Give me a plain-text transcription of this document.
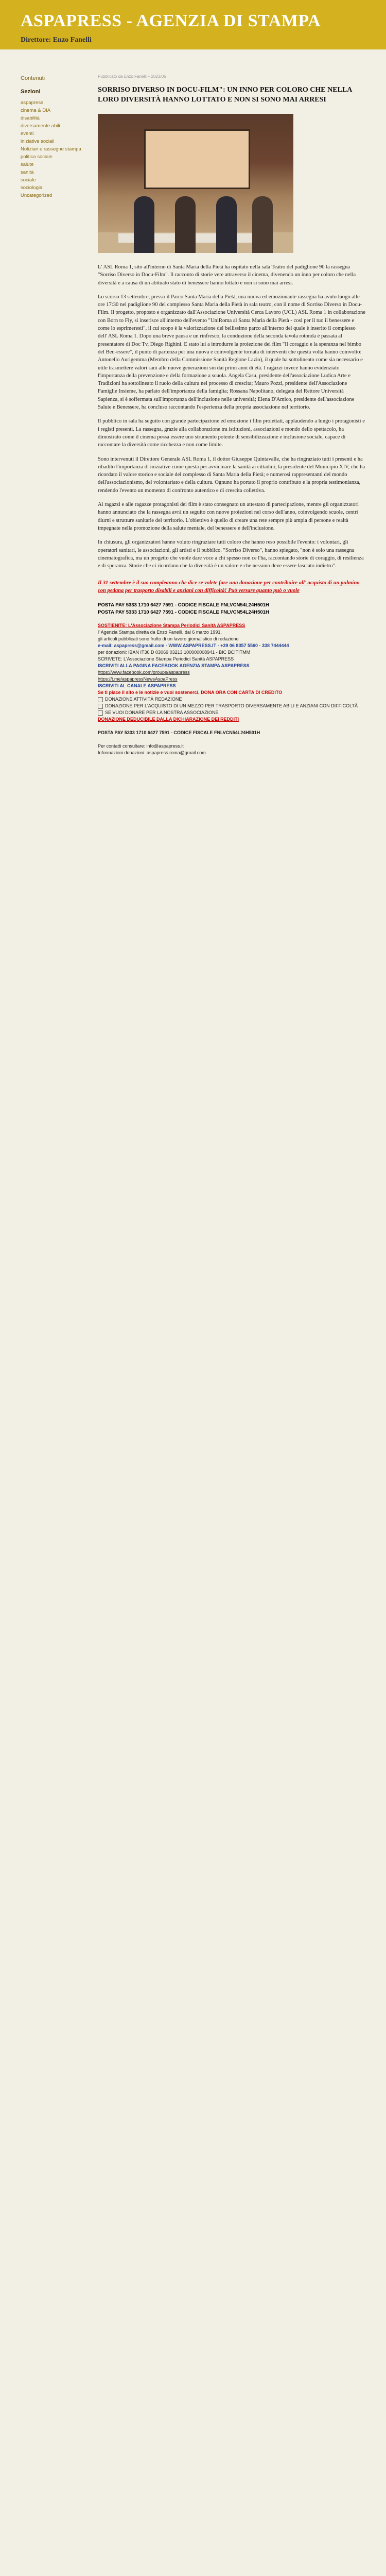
ASPAPRESS - AGENZIA DI STAMPA
Direttore: Enzo Fanelli
Contenuti
Sezioni
aspapress
cinema & DIA
disabilità
diversamente abili
eventi
iniziative sociali
Notiziari e rassegne stampa
politica sociale
salute
sanità
sociale
sociologia
Uncategorized
Pubblicato da Enzo Fanelli – 2023/05
SORRISO DIVERSO IN DOCU-FILM": UN INNO PER COLORO CHE NELLA LORO DIVERSITÀ HANNO LOTTATO E NON SI SONO MAI ARRESI

L' ASL Roma 1, sito all'interno di Santa Maria della Pietà ha ospitato nella sala Teatro del padiglione 90 la rassegna "Sorriso Diverso in Docu-Film". Il racconto di storie vere attraverso il cinema, divenendo un inno per coloro che nella diversità e a causa di un abituato stato di benessere hanno lottato e non si sono mai arresi.

Lo scorso 13 settembre, presso il Parco Santa Maria della Pietà, una nuova ed emozionante rassegna ha avuto luogo alle ore 17:30 nel padiglione 90 del complesso Santa Maria della Pietà in sala teatro, con il nome di Sorriso Diverso in Docu-Film. Il progetto, proposto e organizzato dall'Associazione Università Cerca Lavoro (UCL) ASL Roma 1 in collaborazione con Born to Fly, si inserisce all'interno dell'evento "UniRoma al Santa Maria della Pietà - così per il tuo il benessere e come lo esprimeresti", il cui scopo è la valorizzazione del bellissimo parco all'interno del quale è inserito il complesso dell' ASL Roma 1. Dopo una breve pausa e un rinfresco, la conduzione della seconda tavola rotonda è passata al presentatore di Doc Tv, Diego Righini. E stato lui a introdurre la proiezione dei film "Il coraggio e la speranza nel bimbo del Ben-essere", il punto di partenza per una nuova e coinvolgente tornata di interventi che questa volta hanno coinvolto: Antonello Aurigemma (Membro della Commissione Sanità Regione Lazio), il quale ha sottolineato come sia necessario e utile trasmettere valori sani alle nuove generazioni sin dai primi anni di età. I ragazzi invece hanno evidenziato l'importanza della prevenzione e della formazione a scuola. Angela Casu, presidente dell'associazione Ludica Arte e Tradizioni ha sottolineato il ruolo della cultura nel processo di crescita; Mauro Pozzi, presidente dell'Associazione Famiglie Insieme, ha parlato dell'importanza della famiglia; Rossana Napolitano, delegata del Rettore Università Sapienza, si è soffermata sull'importanza dell'inclusione nelle università; Elena D'Amico, presidente dell'associazione Salute e Benessere, ha concluso raccontando l'esperienza della propria associazione nel territorio.

Il pubblico in sala ha seguito con grande partecipazione ed emozione i film proiettati, applaudendo a lungo i protagonisti e i registi presenti. La rassegna, grazie alla collaborazione tra istituzioni, associazioni e mondo dello spettacolo, ha dimostrato come il cinema possa essere uno strumento potente di sensibilizzazione e inclusione sociale, capace di raccontare la diversità come ricchezza e non come limite.

Sono intervenuti il Direttore Generale ASL Roma 1, il dottor Giuseppe Quintavalle, che ha ringraziato tutti i presenti e ha ribadito l'importanza di iniziative come questa per avvicinare la sanità ai cittadini; la presidente del Municipio XIV, che ha ricordato il valore storico e sociale del complesso di Santa Maria della Pietà; e numerosi rappresentanti del mondo dell'associazionismo, del volontariato e della cultura. Ognuno ha portato il proprio contributo e la propria testimonianza, rendendo l'evento un momento di confronto autentico e di crescita collettiva.

Ai ragazzi e alle ragazze protagonisti dei film è stato consegnato un attestato di partecipazione, mentre gli organizzatori hanno annunciato che la rassegna avrà un seguito con nuove proiezioni nel corso dell'anno, coinvolgendo scuole, centri diurni e strutture sanitarie del territorio. L'obiettivo è quello di creare una rete sempre più ampia di persone e realtà impegnate nella promozione della salute mentale, del benessere e dell'inclusione.

In chiusura, gli organizzatori hanno voluto ringraziare tutti coloro che hanno reso possibile l'evento: i volontari, gli operatori sanitari, le associazioni, gli artisti e il pubblico. "Sorriso Diverso", hanno spiegato, "non è solo una rassegna cinematografica, ma un progetto che vuole dare voce a chi spesso non ce l'ha, raccontando storie di coraggio, di resilienza e di speranza. Storie che ci ricordano che la diversità è un valore e che nessuno deve essere lasciato indietro".

Il 31 settembre è il suo compleanno che dice se volete fare una donazione per contribuire all' acquisto di un pulmino con pedana per trasporto disabili e anziani con difficoltà! Può versare quanto può o vuole
POSTA PAY 5333 1710 6427 7591 - CODICE FISCALE FNLVCN54L24H501H
POSTA PAY 5333 1710 6427 7591 - CODICE FISCALE FNLVCN54L24H501H
SOSTIENITE: L'Associazione Stampa Periodici Sanità ASPAPRESS
l' Agenzia Stampa diretta da Enzo Fanelli, dal 6 marzo 1991,
gli articoli pubblicati sono frutto di un lavoro giornalistico di redazione
e-mail: aspapress@gmail.com - WWW.ASPAPRESS.IT - +39 06 8357 5560 - 338 7444444
per donazioni: IBAN IT36 D 03069 03213 100000008941 - BIC BCITITMM
SCRIVETE: L'Associazione Stampa Periodici Sanità ASPAPRESS
ISCRIVITI ALLA PAGINA FACEBOOK AGENZIA STAMPA ASPAPRESS
https://www.facebook.com/groups/aspapress
https://t.me/aspapressNewsAspaPress
ISCRIVITI AL CANALE ASPAPRESS
Se ti piace il sito e le notizie e vuoi sostenerci, DONA ORA CON CARTA DI CREDITO
DONAZIONE ATTIVITÀ REDAZIONE
DONAZIONE PER L'ACQUISTO DI UN MEZZO PER TRASPORTO DIVERSAMENTE ABILI E ANZIANI CON DIFFICOLTÀ
SE VUOI DONARE PER LA NOSTRA ASSOCIAZIONE
DONAZIONE DEDUCIBILE DALLA DICHIARAZIONE DEI REDDITI

POSTA PAY 5333 1710 6427 7591 - CODICE FISCALE FNLVCN54L24H501H

Per contatti consultare: info@aspapress.it
Informazioni donazioni: aspapress.roma@gmail.com
